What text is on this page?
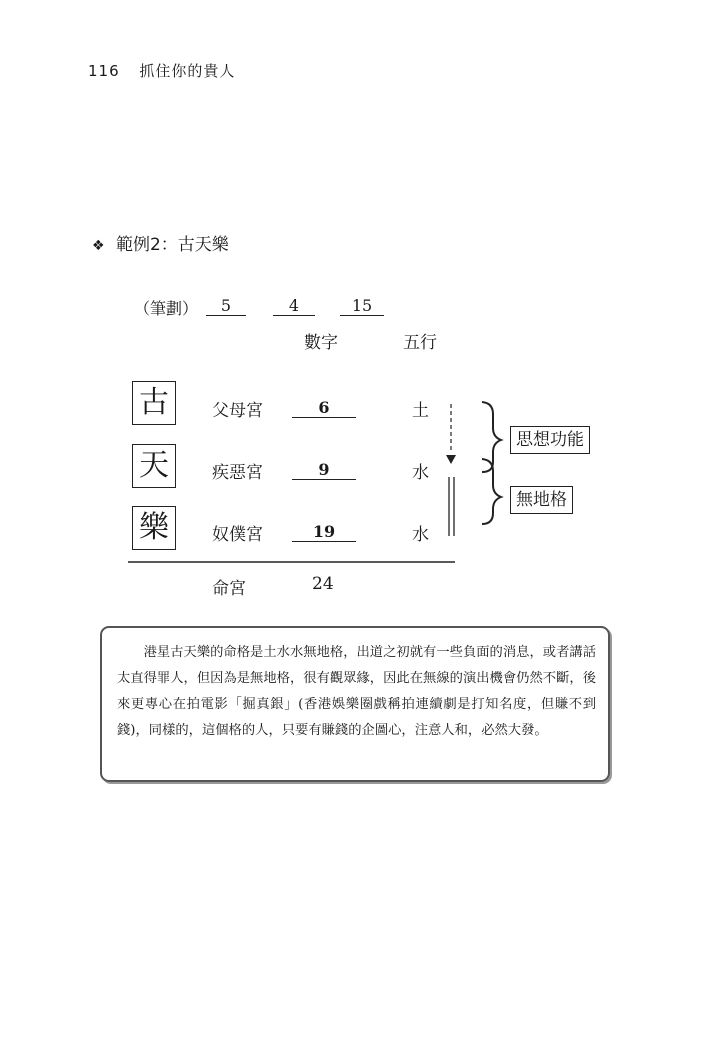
116 抓住你的貴人
❖ 範例2：古天樂
（筆劃）	5	4	15
數字	五行
古	父母宮	6	土
天	疾惡宮	9	水
樂	奴僕宮	19	水
思想功能
無地格
命宮	24

港星古天樂的命格是土水水無地格，出道之初就有一些負面的消息，或者講話太直得罪人，但因為是無地格，很有觀眾緣，因此在無線的演出機會仍然不斷，後來更專心在拍電影「掘真銀」(香港娛樂圈戲稱拍連續劇是打知名度，但賺不到錢)，同樣的，這個格的人，只要有賺錢的企圖心，注意人和，必然大發。
